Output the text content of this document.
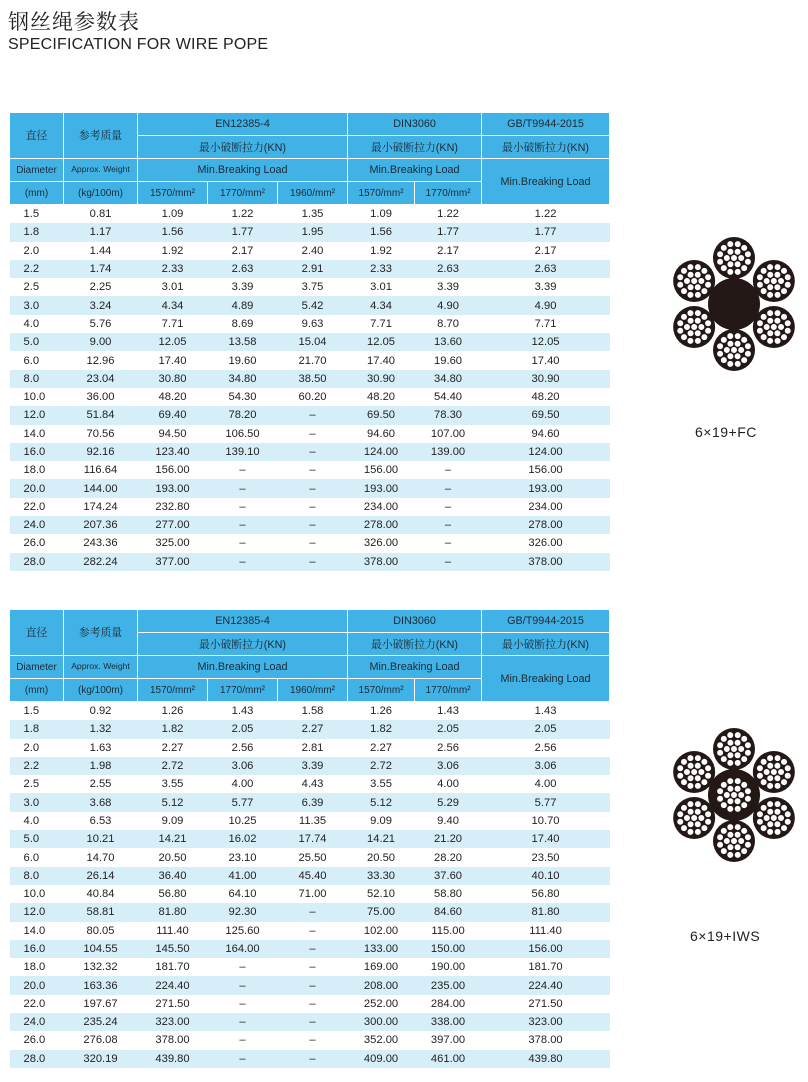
钢丝绳参数表
SPECIFICATION FOR WIRE POPE
直径	参考质量	EN12385-4			DIN3060		GB/T9944-2015
		最小破断拉力(KN)			最小破断拉力(KN)		最小破断拉力(KN)
Diameter	Approx. Weight	Min.Breaking Load			Min.Breaking Load		Min.Breaking Load
(mm)	(kg/100m)	1570/mm²	1770/mm²	1960/mm²	1570/mm²	1770/mm²	
1.5	0.81	1.09	1.22	1.35	1.09	1.22	1.22
1.8	1.17	1.56	1.77	1.95	1.56	1.77	1.77
2.0	1.44	1.92	2.17	2.40	1.92	2.17	2.17
2.2	1.74	2.33	2.63	2.91	2.33	2.63	2.63
2.5	2.25	3.01	3.39	3.75	3.01	3.39	3.39
3.0	3.24	4.34	4.89	5.42	4.34	4.90	4.90
4.0	5.76	7.71	8.69	9.63	7.71	8.70	7.71
5.0	9.00	12.05	13.58	15.04	12.05	13.60	12.05
6.0	12.96	17.40	19.60	21.70	17.40	19.60	17.40
8.0	23.04	30.80	34.80	38.50	30.90	34.80	30.90
10.0	36.00	48.20	54.30	60.20	48.20	54.40	48.20
12.0	51.84	69.40	78.20	–	69.50	78.30	69.50
14.0	70.56	94.50	106.50	–	94.60	107.00	94.60
16.0	92.16	123.40	139.10	–	124.00	139.00	124.00
18.0	116.64	156.00	–	–	156.00	–	156.00
20.0	144.00	193.00	–	–	193.00	–	193.00
22.0	174.24	232.80	–	–	234.00	–	234.00
24.0	207.36	277.00	–	–	278.00	–	278.00
26.0	243.36	325.00	–	–	326.00	–	326.00
28.0	282.24	377.00	–	–	378.00	–	378.00
直径	参考质量	EN12385-4			DIN3060		GB/T9944-2015
		最小破断拉力(KN)			最小破断拉力(KN)		最小破断拉力(KN)
Diameter	Approx. Weight	Min.Breaking Load			Min.Breaking Load		Min.Breaking Load
(mm)	(kg/100m)	1570/mm²	1770/mm²	1960/mm²	1570/mm²	1770/mm²	
1.5	0.92	1.26	1.43	1.58	1.26	1.43	1.43
1.8	1.32	1.82	2.05	2.27	1.82	2.05	2.05
2.0	1.63	2.27	2.56	2.81	2.27	2.56	2.56
2.2	1.98	2.72	3.06	3.39	2.72	3.06	3.06
2.5	2.55	3.55	4.00	4.43	3.55	4.00	4.00
3.0	3.68	5.12	5.77	6.39	5.12	5.29	5.77
4.0	6.53	9.09	10.25	11.35	9.09	9.40	10.70
5.0	10.21	14.21	16.02	17.74	14.21	21.20	17.40
6.0	14.70	20.50	23.10	25.50	20.50	28.20	23.50
8.0	26.14	36.40	41.00	45.40	33.30	37.60	40.10
10.0	40.84	56.80	64.10	71.00	52.10	58.80	56.80
12.0	58.81	81.80	92.30	–	75.00	84.60	81.80
14.0	80.05	111.40	125.60	–	102.00	115.00	111.40
16.0	104.55	145.50	164.00	–	133.00	150.00	156.00
18.0	132.32	181.70	–	–	169.00	190.00	181.70
20.0	163.36	224.40	–	–	208.00	235.00	224.40
22.0	197.67	271.50	–	–	252.00	284.00	271.50
24.0	235.24	323.00	–	–	300.00	338.00	323.00
26.0	276.08	378.00	–	–	352.00	397.00	378.00
28.0	320.19	439.80	–	–	409.00	461.00	439.80
6×19+FC
6×19+IWS
